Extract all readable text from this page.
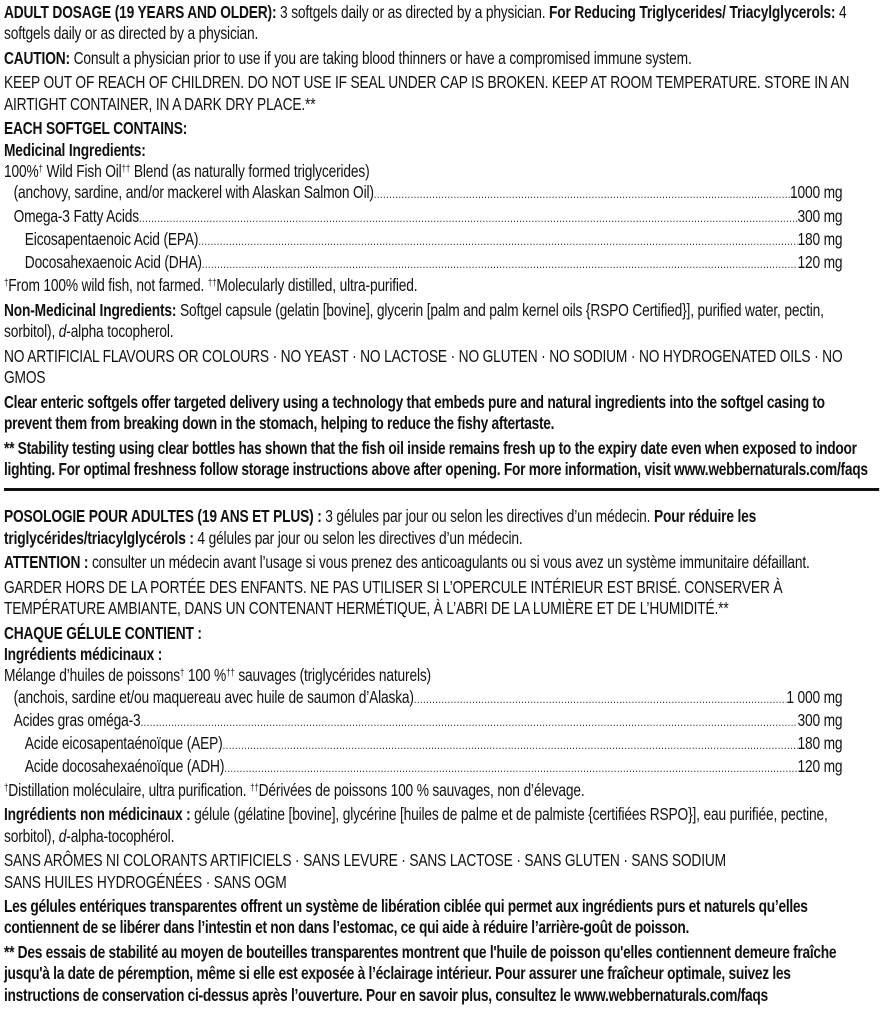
ADULT DOSAGE (19 YEARS AND OLDER): 3 softgels daily or as directed by a physician. For Reducing Triglycerides/ Triacylglycerols: 4 softgels daily or as directed by a physician.

CAUTION: Consult a physician prior to use if you are taking blood thinners or have a compromised immune system.

KEEP OUT OF REACH OF CHILDREN. DO NOT USE IF SEAL UNDER CAP IS BROKEN. KEEP AT ROOM TEMPERATURE. STORE IN AN AIRTIGHT CONTAINER, IN A DARK DRY PLACE.**

EACH SOFTGEL CONTAINS:
Medicinal Ingredients:
100%† Wild Fish Oil†† Blend (as naturally formed triglycerides)
(anchovy, sardine, and/or mackerel with Alaskan Salmon Oil) .....	1000 mg
Omega-3 Fatty Acids .....	300 mg
Eicosapentaenoic Acid (EPA) .....	180 mg
Docosahexaenoic Acid (DHA) .....	120 mg

†From 100% wild fish, not farmed. ††Molecularly distilled, ultra-purified.

Non-Medicinal Ingredients: Softgel capsule (gelatin [bovine], glycerin [palm and palm kernel oils {RSPO Certified}], purified water, pectin, sorbitol), d-alpha tocopherol.

NO ARTIFICIAL FLAVOURS OR COLOURS · NO YEAST · NO LACTOSE · NO GLUTEN · NO SODIUM · NO HYDROGENATED OILS · NO GMOS

Clear enteric softgels offer targeted delivery using a technology that embeds pure and natural ingredients into the softgel casing to prevent them from breaking down in the stomach, helping to reduce the fishy aftertaste.

** Stability testing using clear bottles has shown that the fish oil inside remains fresh up to the expiry date even when exposed to indoor lighting. For optimal freshness follow storage instructions above after opening. For more information, visit www.webbernaturals.com/faqs

POSOLOGIE POUR ADULTES (19 ANS ET PLUS) : 3 gélules par jour ou selon les directives d’un médecin. Pour réduire les triglycérides/triacylglycérols : 4 gélules par jour ou selon les directives d’un médecin.

ATTENTION : consulter un médecin avant l’usage si vous prenez des anticoagulants ou si vous avez un système immunitaire défaillant.

GARDER HORS DE LA PORTÉE DES ENFANTS. NE PAS UTILISER SI L’OPERCULE INTÉRIEUR EST BRISÉ. CONSERVER À TEMPÉRATURE AMBIANTE, DANS UN CONTENANT HERMÉTIQUE, À L’ABRI DE LA LUMIÈRE ET DE L’HUMIDITÉ.**

CHAQUE GÉLULE CONTIENT :
Ingrédients médicinaux :
Mélange d’huiles de poissons† 100 %†† sauvages (triglycérides naturels)
(anchois, sardine et/ou maquereau avec huile de saumon d’Alaska) .....	1 000 mg
Acides gras oméga-3 .....	300 mg
Acide eicosapentaénoïque (AEP) .....	180 mg
Acide docosahexaénoïque (ADH) .....	120 mg

†Distillation moléculaire, ultra purification. ††Dérivées de poissons 100 % sauvages, non d’élevage.

Ingrédients non médicinaux : gélule (gélatine [bovine], glycérine [huiles de palme et de palmiste {certifiées RSPO}], eau purifiée, pectine, sorbitol), d-alpha-tocophérol.

SANS ARÔMES NI COLORANTS ARTIFICIELS · SANS LEVURE · SANS LACTOSE · SANS GLUTEN · SANS SODIUM
SANS HUILES HYDROGÉNÉES · SANS OGM

Les gélules entériques transparentes offrent un système de libération ciblée qui permet aux ingrédients purs et naturels qu’elles contiennent de se libérer dans l’intestin et non dans l’estomac, ce qui aide à réduire l’arrière-goût de poisson.

** Des essais de stabilité au moyen de bouteilles transparentes montrent que l'huile de poisson qu'elles contiennent demeure fraîche jusqu'à la date de péremption, même si elle est exposée à l’éclairage intérieur. Pour assurer une fraîcheur optimale, suivez les instructions de conservation ci-dessus après l’ouverture. Pour en savoir plus, consultez le www.webbernaturals.com/faqs
